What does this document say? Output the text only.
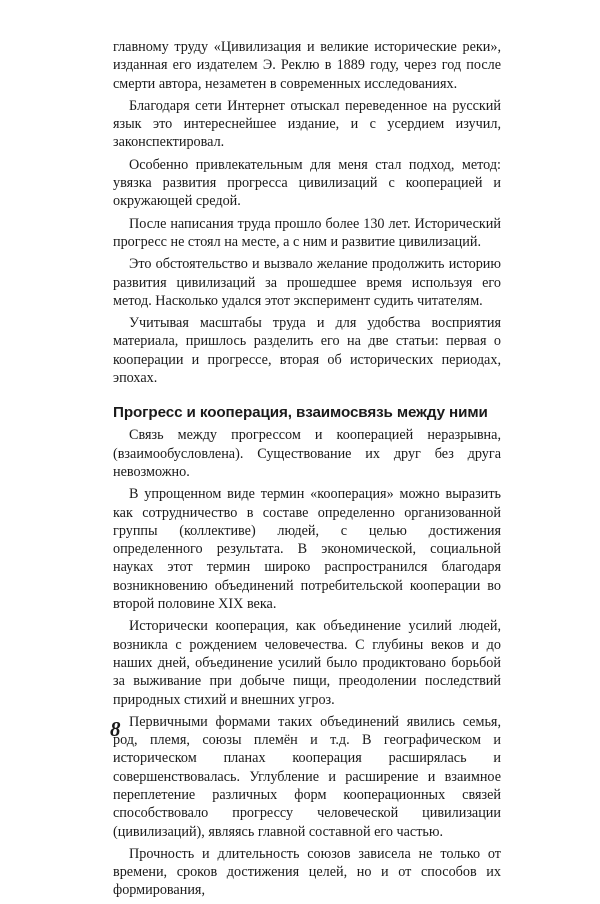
главному труду «Цивилизация и великие исторические реки», изданная его издателем Э. Реклю в 1889 году, через год после смерти автора, незаметен в современных исследованиях.

Благодаря сети Интернет отыскал переведенное на русский язык это интереснейшее издание, и с усердием изучил, законспектировал.

Особенно привлекательным для меня стал подход, метод: увязка развития прогресса цивилизаций с кооперацией и окружающей средой.

После написания труда прошло более 130 лет. Исторический прогресс не стоял на месте, а с ним и развитие цивилизаций.

Это обстоятельство и вызвало желание продолжить историю развития цивилизаций за прошедшее время используя его метод. Насколько удался этот эксперимент судить читателям.

Учитывая масштабы труда и для удобства восприятия материала, пришлось разделить его на две статьи: первая о кооперации и прогрессе, вторая об исторических периодах, эпохах.

Прогресс и кооперация, взаимосвязь между ними

Связь между прогрессом и кооперацией неразрывна, (взаимообусловлена). Существование их друг без друга невозможно.

В упрощенном виде термин «кооперация» можно выразить как сотрудничество в составе определенно организованной группы (коллективе) людей, с целью достижения определенного результата. В экономической, социальной науках этот термин широко распространился благодаря возникновению объединений потребительской кооперации во второй половине XIX века.

Исторически кооперация, как объединение усилий людей, возникла с рождением человечества. С глубины веков и до наших дней, объединение усилий было продиктовано борьбой за выживание при добыче пищи, преодолении последствий природных стихий и внешних угроз.

Первичными формами таких объединений явились семья, род, племя, союзы племён и т.д. В географическом и историческом планах кооперация расширялась и совершенствовалась. Углубление и расширение и взаимное переплетение различных форм кооперационных связей способствовало прогрессу человеческой цивилизации (цивилизаций), являясь главной составной его частью.

Прочность и длительность союзов зависела не только от времени, сроков достижения целей, но и от способов их формирования,

8
